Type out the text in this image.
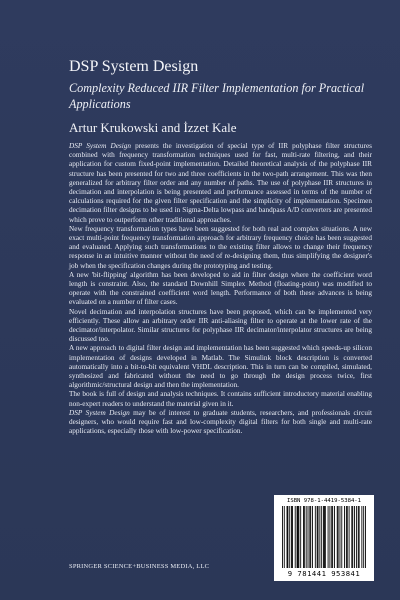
DSP System Design
Complexity Reduced IIR Filter Implementation for Practical Applications
Artur Krukowski and İzzet Kale

DSP System Design presents the investigation of special type of IIR polyphase filter structures combined with frequency transformation techniques used for fast, multi-rate filtering, and their application for custom fixed-point implementation. Detailed theoretical analysis of the polyphase IIR structure has been presented for two and three coefficients in the two-path arrangement. This was then generalized for arbitrary filter order and any number of paths. The use of polyphase IIR structures in decimation and interpolation is being presented and performance assessed in terms of the number of calculations required for the given filter specification and the simplicity of implementation. Specimen decimation filter designs to be used in Sigma-Delta lowpass and bandpass A/D converters are presented which prove to outperform other traditional approaches.

New frequency transformation types have been suggested for both real and complex situations. A new exact multi-point frequency transformation approach for arbitrary frequency choice has been suggested and evaluated. Applying such transformations to the existing filter allows to change their frequency response in an intuitive manner without the need of re-designing them, thus simplifying the designer's job when the specification changes during the prototyping and testing.

A new 'bit-flipping' algorithm has been developed to aid in filter design where the coefficient word length is constraint. Also, the standard Downhill Simplex Method (floating-point) was modified to operate with the constrained coefficient word length. Performance of both these advances is being evaluated on a number of filter cases.

Novel decimation and interpolation structures have been proposed, which can be implemented very efficiently. These allow an arbitrary order IIR anti-aliasing filter to operate at the lower rate of the decimator/interpolator. Similar structures for polyphase IIR decimator/interpolator structures are being discussed too.

A new approach to digital filter design and implementation has been suggested which speeds-up silicon implementation of designs developed in Matlab. The Simulink block description is converted automatically into a bit-to-bit equivalent VHDL description. This in turn can be compiled, simulated, synthesized and fabricated without the need to go through the design process twice, first algorithmic/structural design and then the implementation.

The book is full of design and analysis techniques. It contains sufficient introductory material enabling non-expert readers to understand the material given in it.

DSP System Design may be of interest to graduate students, researchers, and professionals circuit designers, who would require fast and low-complexity digital filters for both single and multi-rate applications, especially those with low-power specification.

SPRINGER SCIENCE+BUSINESS MEDIA, LLC
ISBN 978-1-4419-5384-1
9 781441 953841
